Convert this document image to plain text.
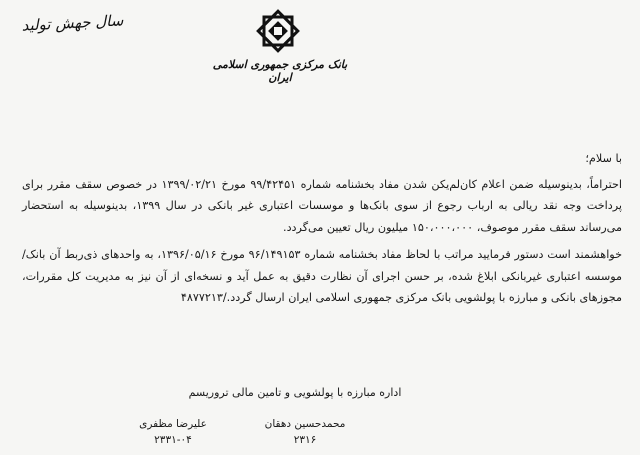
سال جهش تولید
بانک مرکزی جمهوری اسلامی ایران

با سلام؛

احتراماً، بدینوسیله ضمن اعلام کان‌لم‌یکن شدن مفاد بخشنامه شماره ۹۹/۴۲۴۵۱ مورخ ۱۳۹۹/۰۲/۲۱ در خصوص سقف مقرر برای پرداخت وجه نقد ریالی به ارباب رجوع از سوی بانک‌ها و موسسات اعتباری غیر بانکی در سال ۱۳۹۹، بدینوسیله به استحضار می‌رساند سقف مقرر موصوف، ۱۵۰،۰۰۰،۰۰۰ میلیون ریال تعیین می‌گردد.

خواهشمند است دستور فرمایید مراتب با لحاظ مفاد بخشنامه شماره ۹۶/۱۴۹۱۵۳ مورخ ۱۳۹۶/۰۵/۱۶، به واحدهای ذی‌ربط آن بانک/موسسه اعتباری غیربانکی ابلاغ شده، بر حسن اجرای آن نظارت دقیق به عمل آید و نسخه‌ای از آن نیز به مدیریت کل مقررات، مجوزهای بانکی و مبارزه با پولشویی بانک مرکزی جمهوری اسلامی ایران ارسال گردد./۴۸۷۷۲۱۳

اداره مبارزه با پولشویی و تامین مالی تروریسم
محمدحسین دهقان
۲۳۱۶
علیرضا مظفری
۲۳۳۱-۰۴
